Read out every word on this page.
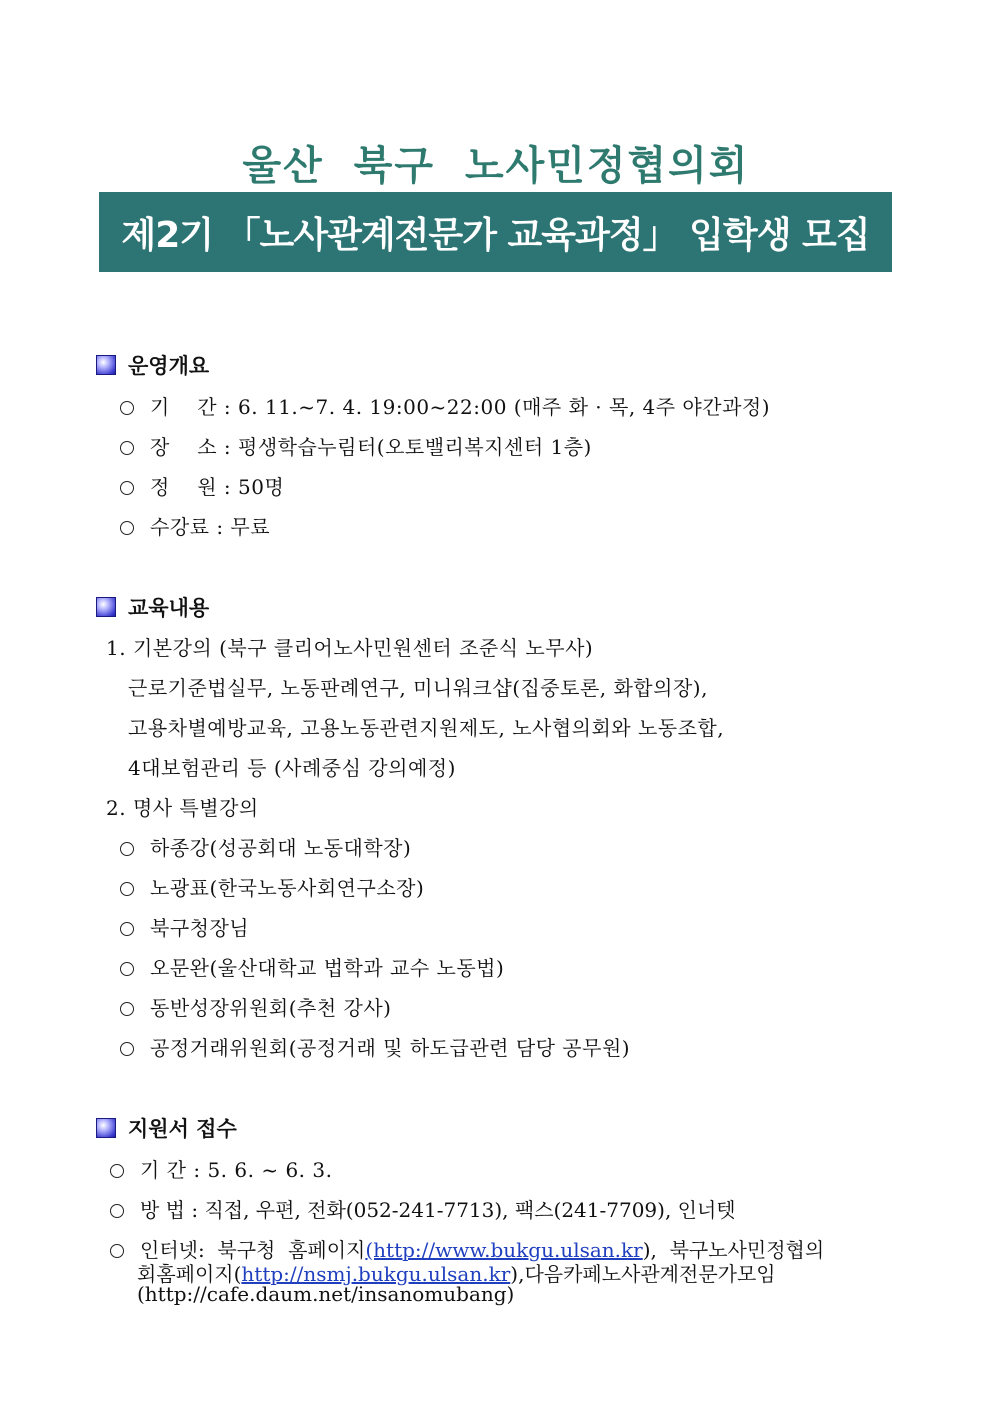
울산 북구 노사민정협의회
제2기 「노사관계전문가 교육과정」 입학생 모집
운영개요
기    간 : 6. 11.~7. 4. 19:00~22:00 (매주 화 · 목, 4주 야간과정)
장    소 : 평생학습누림터(오토밸리복지센터 1층)
정    원 : 50명
수강료 : 무료
교육내용
1. 기본강의 (북구 클리어노사민원센터 조준식 노무사)
근로기준법실무, 노동판례연구, 미니워크샵(집중토론, 화합의장),
고용차별예방교육, 고용노동관련지원제도, 노사협의회와 노동조합,
4대보험관리 등 (사례중심 강의예정)
2. 명사 특별강의
하종강(성공회대 노동대학장)
노광표(한국노동사회연구소장)
북구청장님
오문완(울산대학교 법학과 교수 노동법)
동반성장위원회(추천 강사)
공정거래위원회(공정거래 및 하도급관련 담당 공무원)
지원서 접수
기 간 : 5. 6. ~ 6. 3.
방 법 : 직접, 우편, 전화(052-241-7713), 팩스(241-7709), 인너텟
인터넷:  북구청  홈페이지(http://www.bukgu.ulsan.kr),  북구노사민정협의
회홈페이지(http://nsmj.bukgu.ulsan.kr),다음카페노사관계전문가모임
(http://cafe.daum.net/insanomubang)
